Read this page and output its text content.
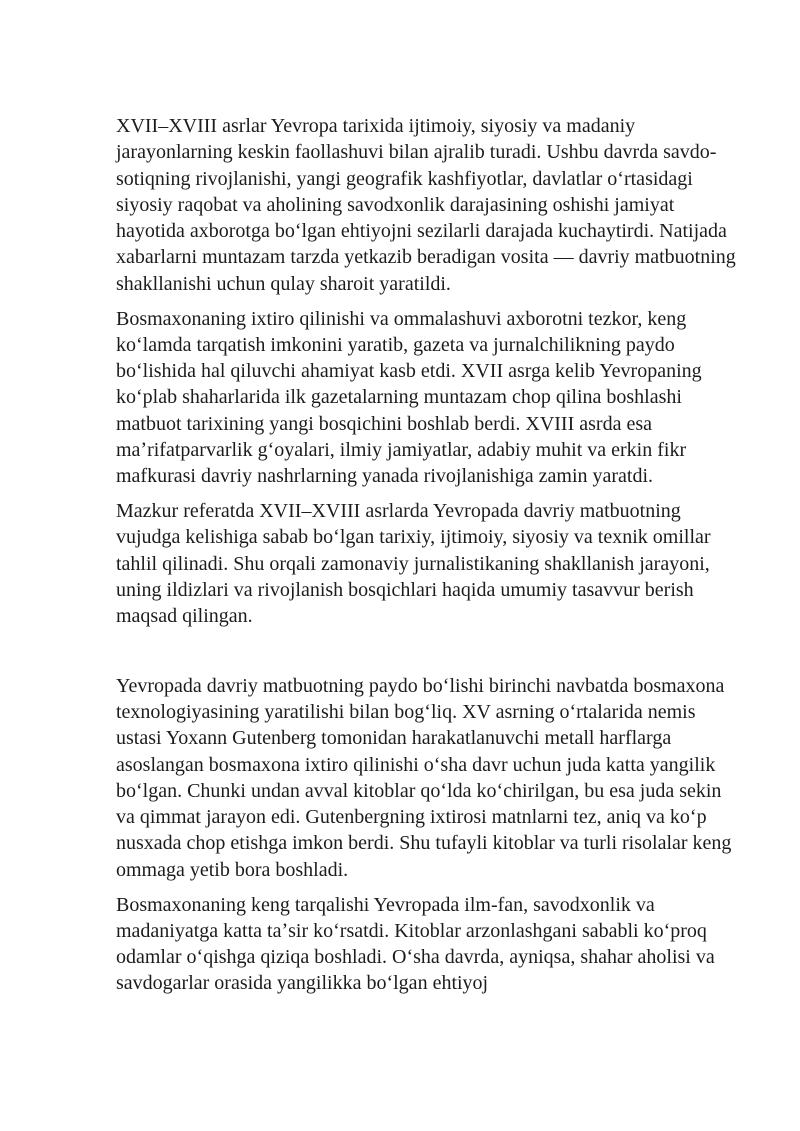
XVII–XVIII asrlar Yevropa tarixida ijtimoiy, siyosiy va madaniy jarayonlarning keskin faollashuvi bilan ajralib turadi. Ushbu davrda savdo-sotiqning rivojlanishi, yangi geografik kashfiyotlar, davlatlar oʻrtasidagi siyosiy raqobat va aholining savodxonlik darajasining oshishi jamiyat hayotida axborotga boʻlgan ehtiyojni sezilarli darajada kuchaytirdi. Natijada xabarlarni muntazam tarzda yetkazib beradigan vosita — davriy matbuotning shakllanishi uchun qulay sharoit yaratildi.

Bosmaxonaning ixtiro qilinishi va ommalashuvi axborotni tezkor, keng koʻlamda tarqatish imkonini yaratib, gazeta va jurnalchilikning paydo boʻlishida hal qiluvchi ahamiyat kasb etdi. XVII asrga kelib Yevropaning koʻplab shaharlarida ilk gazetalarning muntazam chop qilina boshlashi matbuot tarixining yangi bosqichini boshlab berdi. XVIII asrda esa maʼrifatparvarlik gʻoyalari, ilmiy jamiyatlar, adabiy muhit va erkin fikr mafkurasi davriy nashrlarning yanada rivojlanishiga zamin yaratdi.

Mazkur referatda XVII–XVIII asrlarda Yevropada davriy matbuotning vujudga kelishiga sabab boʻlgan tarixiy, ijtimoiy, siyosiy va texnik omillar tahlil qilinadi. Shu orqali zamonaviy jurnalistikaning shakllanish jarayoni, uning ildizlari va rivojlanish bosqichlari haqida umumiy tasavvur berish maqsad qilingan.

Yevropada davriy matbuotning paydo boʻlishi birinchi navbatda bosmaxona texnologiyasining yaratilishi bilan bogʻliq. XV asrning oʻrtalarida nemis ustasi Yoxann Gutenberg tomonidan harakatlanuvchi metall harflarga asoslangan bosmaxona ixtiro qilinishi oʻsha davr uchun juda katta yangilik boʻlgan. Chunki undan avval kitoblar qoʻlda koʻchirilgan, bu esa juda sekin va qimmat jarayon edi. Gutenbergning ixtirosi matnlarni tez, aniq va koʻp nusxada chop etishga imkon berdi. Shu tufayli kitoblar va turli risolalar keng ommaga yetib bora boshladi.

Bosmaxonaning keng tarqalishi Yevropada ilm-fan, savodxonlik va madaniyatga katta taʼsir koʻrsatdi. Kitoblar arzonlashgani sababli koʻproq odamlar oʻqishga qiziqa boshladi. Oʻsha davrda, ayniqsa, shahar aholisi va savdogarlar orasida yangilikka boʻlgan ehtiyoj
